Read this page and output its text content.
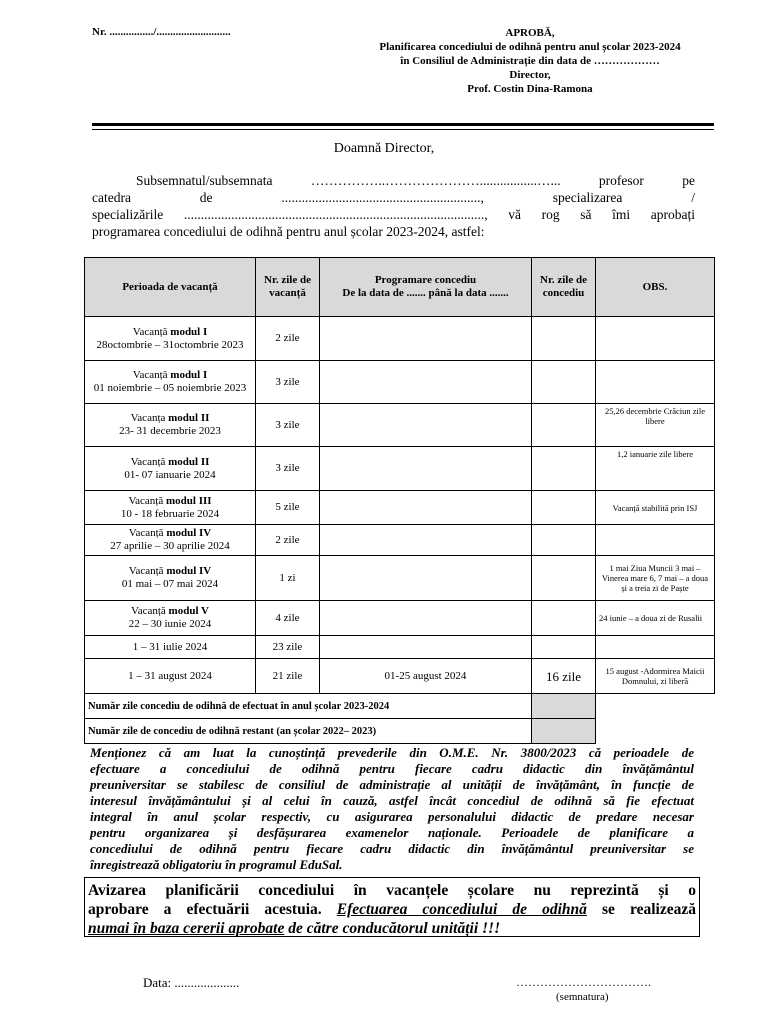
Nr. ................/...........................	APROBĂ,
Planificarea concediului de odihnă pentru anul școlar 2023-2024
în Consiliul de Administrație din data de ………………
Director,
Prof. Costin Dina-Ramona
Doamnă Director,
Subsemnatul/subsemnata ……………..………………….................…... profesor pe
catedra de ..........................................................., specializarea /
specializările ........................................................................................., vă rog să îmi aprobați
programarea concediului de odihnă pentru anul școlar 2023-2024, astfel:
Perioada de vacanță	Nr. zile de vacanță	Programare concediu
De la data de ....... până la data .......	Nr. zile de concediu	OBS.
Vacanță modul I
28octombrie – 31octombrie 2023	2 zile			
Vacanță modul I
01 noiembrie – 05 noiembrie 2023	3 zile			
Vacanța modul II
23- 31 decembrie 2023	3 zile			25,26 decembrie Crăciun zile libere
Vacanță modul II
01- 07 ianuarie 2024	3 zile			1,2 ianuarie zile libere
Vacanță modul III
10 - 18 februarie 2024	5 zile			Vacanță stabilită prin ISJ
Vacanță modul IV
27 aprilie – 30 aprilie 2024	2 zile			
Vacanță modul IV
01 mai – 07 mai 2024	1 zi			1 mai Ziua Muncii 3 mai – Vinerea mare 6, 7 mai – a doua și a treia zi de Paște
Vacanță modul V
22 – 30 iunie 2024	4 zile			24 iunie – a doua zi de Rusalii
1 – 31 iulie 2024	23 zile			
1 – 31 august 2024	21 zile	01-25 august 2024	16 zile	15 august -Adormirea Maicii Domnului, zi liberă
Număr zile concediu de odihnă de efectuat în anul școlar 2023-2024				
Număr zile de concediu de odihnă restant (an școlar 2022– 2023)				
Menționez că am luat la cunoștință prevederile din O.M.E. Nr. 3800/2023 că perioadele de
efectuare a concediului de odihnă pentru fiecare cadru didactic din învățământul
preuniversitar se stabilesc de consiliul de administrație al unității de învățământ, în funcție de
interesul învățământului și al celui în cauză, astfel încât concediul de odihnă să fie efectuat
integral în anul școlar respectiv, cu asigurarea personalului didactic de predare necesar
pentru organizarea și desfășurarea examenelor naționale. Perioadele de planificare a
concediului de odihnă pentru fiecare cadru didactic din învățământul preuniversitar se
înregistrează obligatoriu în programul EduSal.
Avizarea planificării concediului în vacanțele școlare nu reprezintă și o
aprobare a efectuării acestuia. Efectuarea concediului de odihnă se realizează
numai în baza cererii aprobate de către conducătorul unității !!!
Data: ....................	…………………………….
(semnatura)
